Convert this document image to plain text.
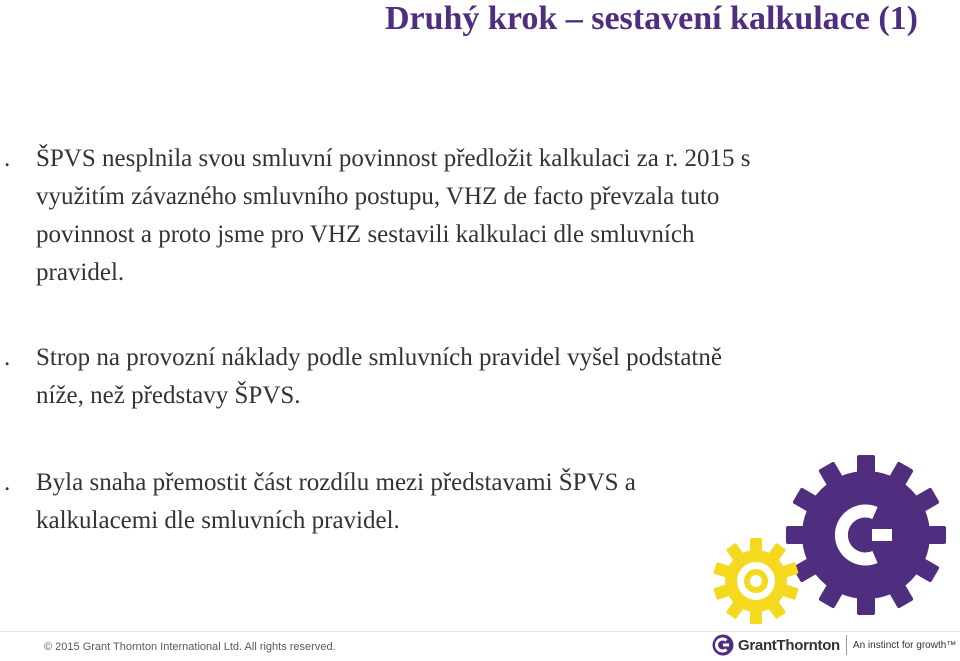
Druhý krok – sestavení kalkulace (1)
.	ŠPVS nesplnila svou smluvní povinnost předložit kalkulaci za r. 2015 s využitím závazného smluvního postupu, VHZ de facto převzala tuto povinnost a proto jsme pro VHZ sestavili kalkulaci dle smluvních pravidel.
.	Strop na provozní náklady podle smluvních pravidel vyšel podstatně níže, než představy ŠPVS.
.	Byla snaha přemostit část rozdílu mezi představami ŠPVS a kalkulacemi dle smluvních pravidel.
© 2015 Grant Thornton International Ltd. All rights reserved.	GrantThornton An instinct for growth™
